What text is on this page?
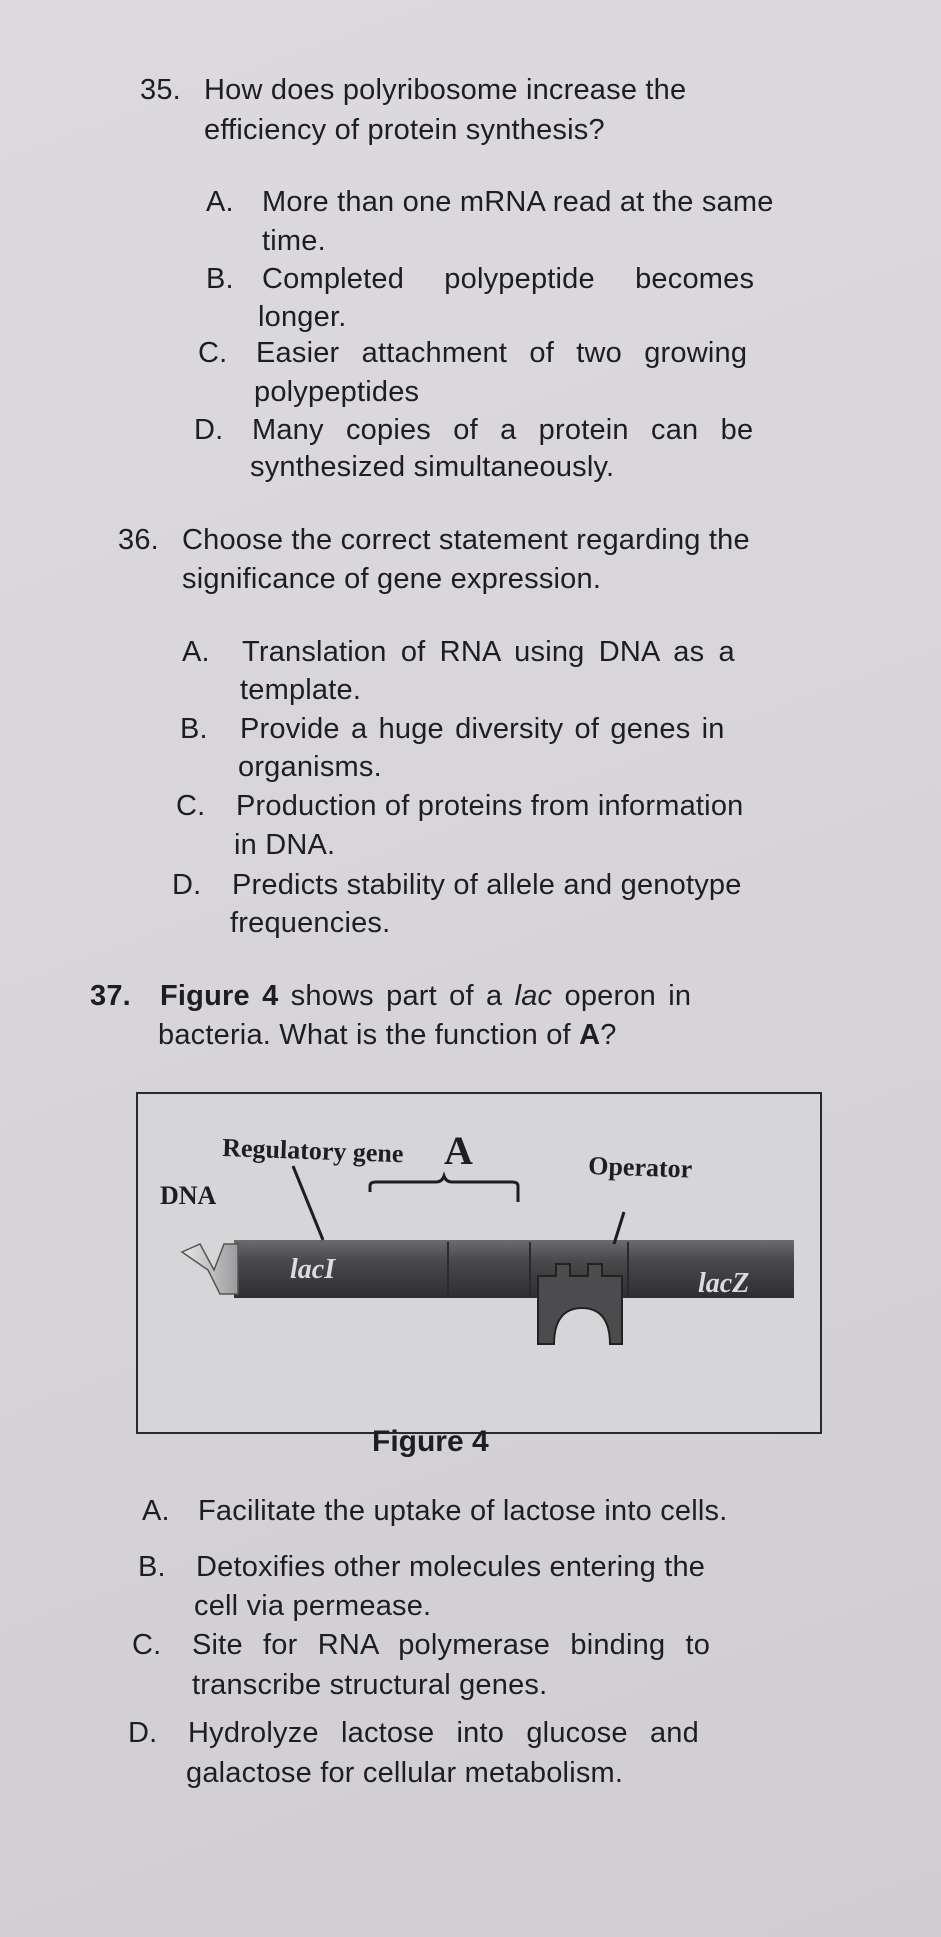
35. How does polyribosome increase the
efficiency of protein synthesis?
A. More than one mRNA read at the same
time.
B. Completed polypeptide becomes
longer.
C. Easier attachment of two growing
polypeptides
D. Many copies of a protein can be
synthesized simultaneously.
36. Choose the correct statement regarding the
significance of gene expression.
A. Translation of RNA using DNA as a
template.
B. Provide a huge diversity of genes in
organisms.
C. Production of proteins from information
in DNA.
D. Predicts stability of allele and genotype
frequencies.
37. Figure 4 shows part of a lac operon in
bacteria. What is the function of A?
Regulatory gene A	Operator
DNA
lacI	lacZ
Figure 4
A. Facilitate the uptake of lactose into cells.
B. Detoxifies other molecules entering the
cell via permease.
C. Site for RNA polymerase binding to
transcribe structural genes.
D. Hydrolyze lactose into glucose and
galactose for cellular metabolism.
